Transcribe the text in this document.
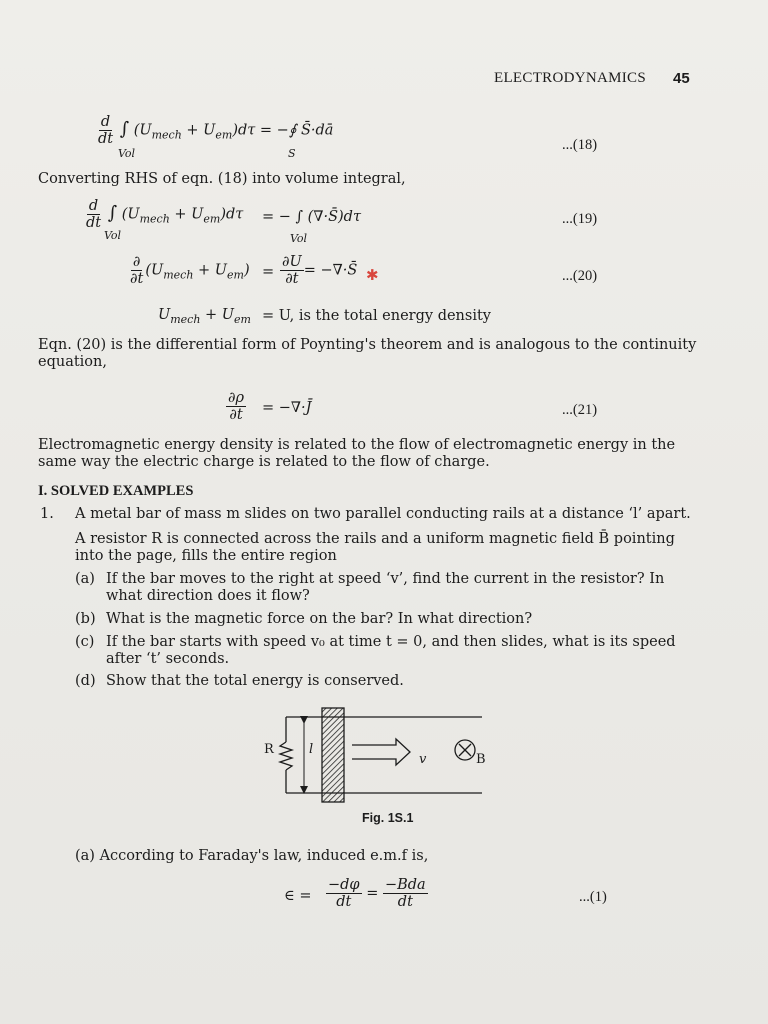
ELECTRODYNAMICS 45
$\frac{d}{dt}$ ∫ $(U_{mech} + U_{em})d\tau$ = −∮ S̄·dā
Vol	S
...(18)
Converting RHS of eqn. (18) into volume integral,
$\frac{d}{dt}$ ∫ $(U_{mech} + U_{em})d\tau$
Vol
= − ∫ (∇·S̄)dτ
Vol
...(19)
$\frac{\partial}{\partial t} (U_{mech} + U_{em}) = \frac{\partial U}{\partial t}$ = −∇·S̄ ✱	...(20)
$U_{mech} + U_{em} = U$, is the total energy density
Eqn. (20) is the differential form of Poynting's theorem and is analogous to the continuity equation,
$\frac{\partial\rho}{\partial t}$ = −∇·J̄	...(21)
Electromagnetic energy density is related to the flow of electromagnetic energy in the same way the electric charge is related to the flow of charge.
I. SOLVED EXAMPLES
1. A metal bar of mass m slides on two parallel conducting rails at a distance ‘l’ apart.
A resistor R is connected across the rails and a uniform magnetic field B̄ pointing into the page, fills the entire region
(a) If the bar moves to the right at speed ‘v’, find the current in the resistor? In what direction does it flow?
(b) What is the magnetic force on the bar? In what direction?
(c) If the bar starts with speed v₀ at time t = 0, and then slides, what is its speed after ‘t’ seconds.
(d) Show that the total energy is conserved.
R	l
v	B
Fig. 1S.1
(a) According to Faraday's law, induced e.m.f is,
∈ = $\frac{-d\varphi}{dt} = \frac{\text{−Bda}}{dt}$	...(1)
